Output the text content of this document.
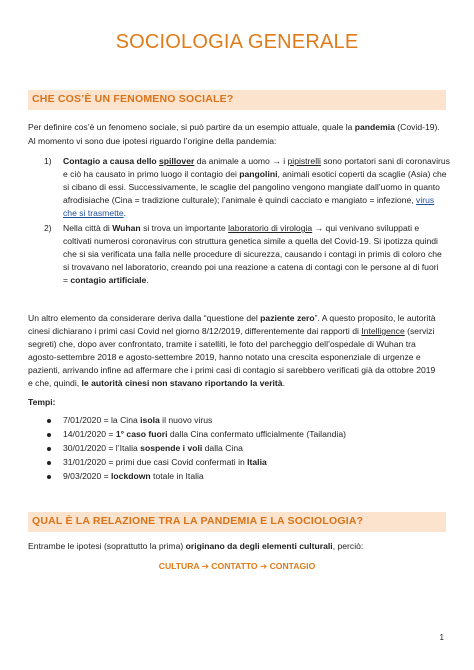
SOCIOLOGIA GENERALE
CHE COS’È UN FENOMENO SOCIALE?
Per definire cos’è un fenomeno sociale, si può partire da un esempio attuale, quale la pandemia (Covid-19).
Al momento vi sono due ipotesi riguardo l’origine della pandemia:
1) Contagio a causa dello spillover da animale a uomo → i pipistrelli sono portatori sani di coronavirus
e ciò ha causato in primo luogo il contagio dei pangolini, animali esotici coperti da scaglie (Asia) che
si cibano di essi. Successivamente, le scaglie del pangolino vengono mangiate dall’uomo in quanto
afrodisiache (Cina = tradizione culturale); l’animale è quindi cacciato e mangiato = infezione, virus
che si trasmette.
2) Nella città di Wuhan si trova un importante laboratorio di virologia → qui venivano sviluppati e
coltivati numerosi coronavirus con struttura genetica simile a quella del Covid-19. Si ipotizza quindi
che si sia verificata una falla nelle procedure di sicurezza, causando i contagi in primis di coloro che
si trovavano nel laboratorio, creando poi una reazione a catena di contagi con le persone al di fuori
= contagio artificiale.
Un altro elemento da considerare deriva dalla “questione del paziente zero”. A questo proposito, le autorità
cinesi dichiarano i primi casi Covid nel giorno 8/12/2019, differentemente dai rapporti di Intelligence (servizi
segreti) che, dopo aver confrontato, tramite i satelliti, le foto del parcheggio dell’ospedale di Wuhan tra
agosto-settembre 2018 e agosto-settembre 2019, hanno notato una crescita esponenziale di urgenze e
pazienti, arrivando infine ad affermare che i primi casi di contagio si sarebbero verificati già da ottobre 2019
e che, quindi, le autorità cinesi non stavano riportando la verità.
Tempi:
7/01/2020 = la Cina isola il nuovo virus
14/01/2020 = 1° caso fuori dalla Cina confermato ufficialmente (Tailandia)
30/01/2020 = l’Italia sospende i voli dalla Cina
31/01/2020 = primi due casi Covid confermati in Italia
9/03/2020 = lockdown totale in Italia
QUAL È LA RELAZIONE TRA LA PANDEMIA E LA SOCIOLOGIA?
Entrambe le ipotesi (soprattutto la prima) originano da degli elementi culturali, perciò:
CULTURA ➔ CONTATTO ➔ CONTAGIO
1
